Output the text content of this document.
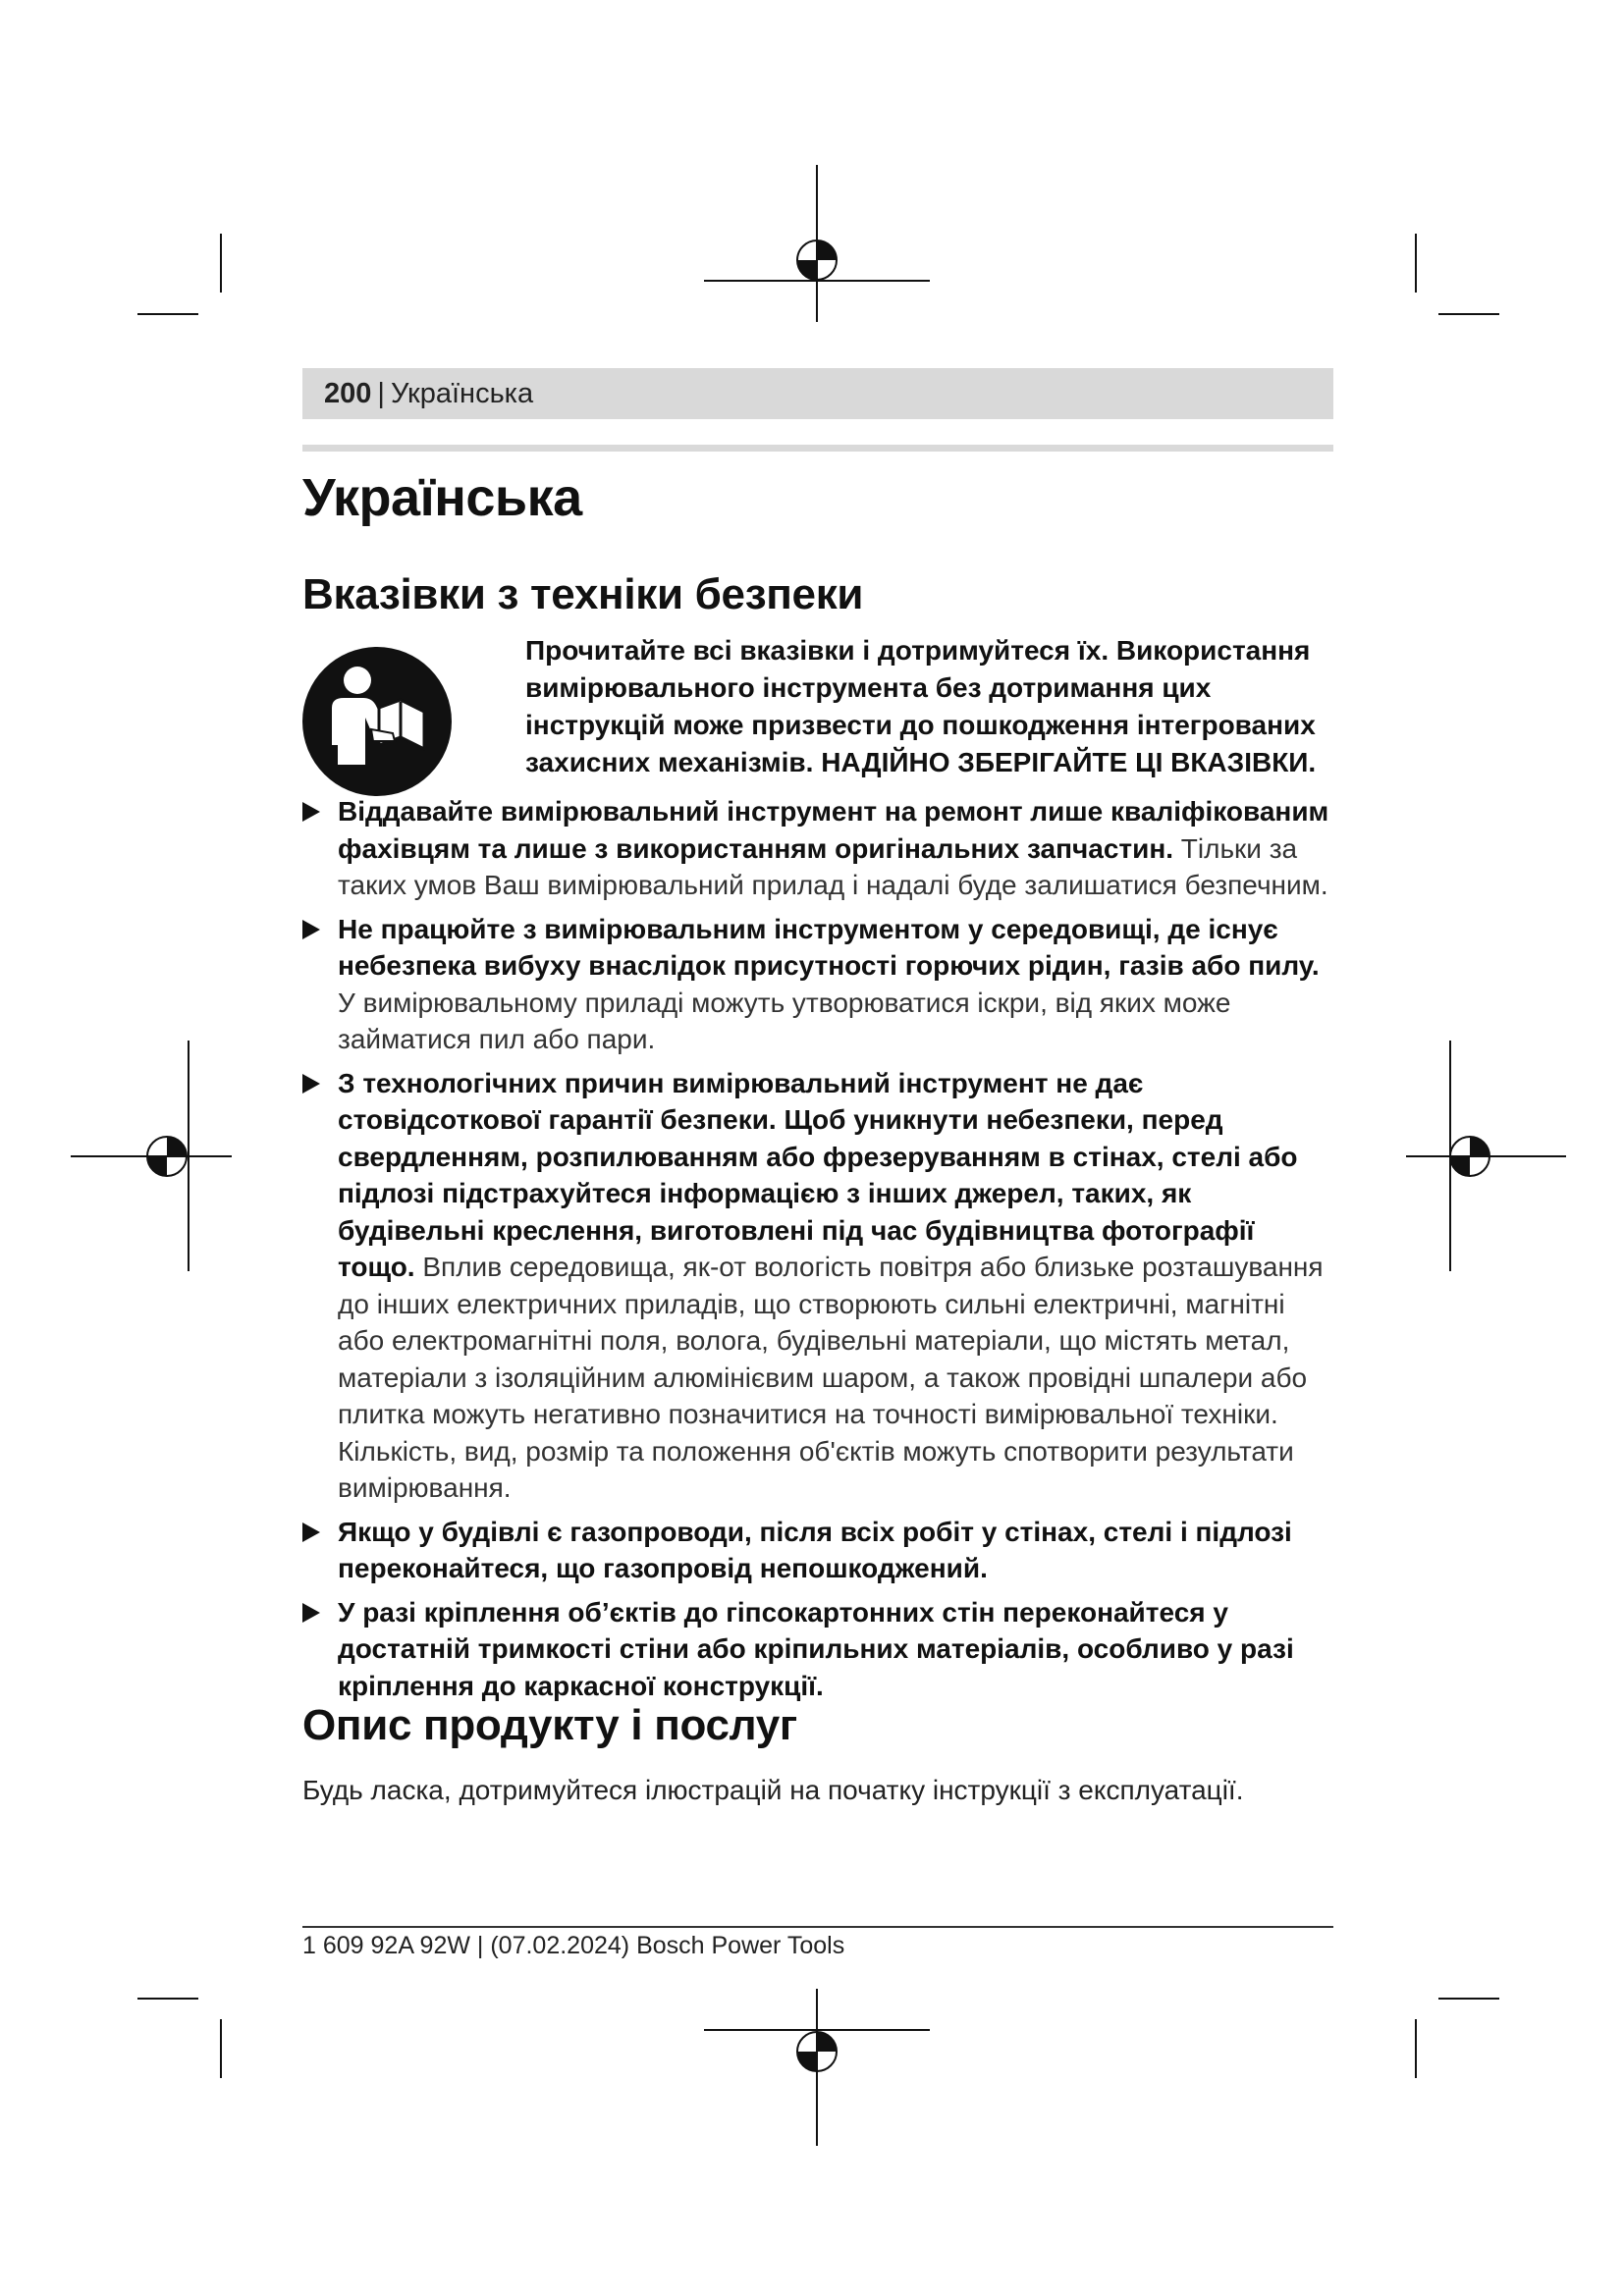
200 | Українська
Українська
Вказівки з техніки безпеки

Прочитайте всі вказівки і дотримуйтеся їх. Використання вимірювального інструмента без дотримання цих інструкцій може призвести до пошкодження інтегрованих захисних механізмів. НАДІЙНО ЗБЕРІГАЙТЕ ЦІ ВКАЗІВКИ.

Віддавайте вимірювальний інструмент на ремонт лише кваліфікованим фахівцям та лише з використанням оригінальних запчастин. Тільки за таких умов Ваш вимірювальний прилад і надалі буде залишатися безпечним.
Не працюйте з вимірювальним інструментом у середовищі, де існує небезпека вибуху внаслідок присутності горючих рідин, газів або пилу. У вимірювальному приладі можуть утворюватися іскри, від яких може займатися пил або пари.
З технологічних причин вимірювальний інструмент не дає стовідсоткової гарантії безпеки. Щоб уникнути небезпеки, перед свердленням, розпилюванням або фрезеруванням в стінах, стелі або підлозі підстрахуйтеся інформацією з інших джерел, таких, як будівельні креслення, виготовлені під час будівництва фотографії тощо. Вплив середовища, як-от вологість повітря або близьке розташування до інших електричних приладів, що створюють сильні електричні, магнітні або електромагнітні поля, волога, будівельні матеріали, що містять метал, матеріали з ізоляційним алюмінієвим шаром, а також провідні шпалери або плитка можуть негативно позначитися на точності вимірювальної техніки. Кількість, вид, розмір та положення об'єктів можуть спотворити результати вимірювання.
Якщо у будівлі є газопроводи, після всіх робіт у стінах, стелі і підлозі переконайтеся, що газопровід непошкоджений.
У разі кріплення об’єктів до гіпсокартонних стін переконайтеся у достатній тримкості стіни або кріпильних матеріалів, особливо у разі кріплення до каркасної конструкції.
Опис продукту і послуг

Будь ласка, дотримуйтеся ілюстрацій на початку інструкції з експлуатації.

1 609 92A 92W | (07.02.2024) Bosch Power Tools
